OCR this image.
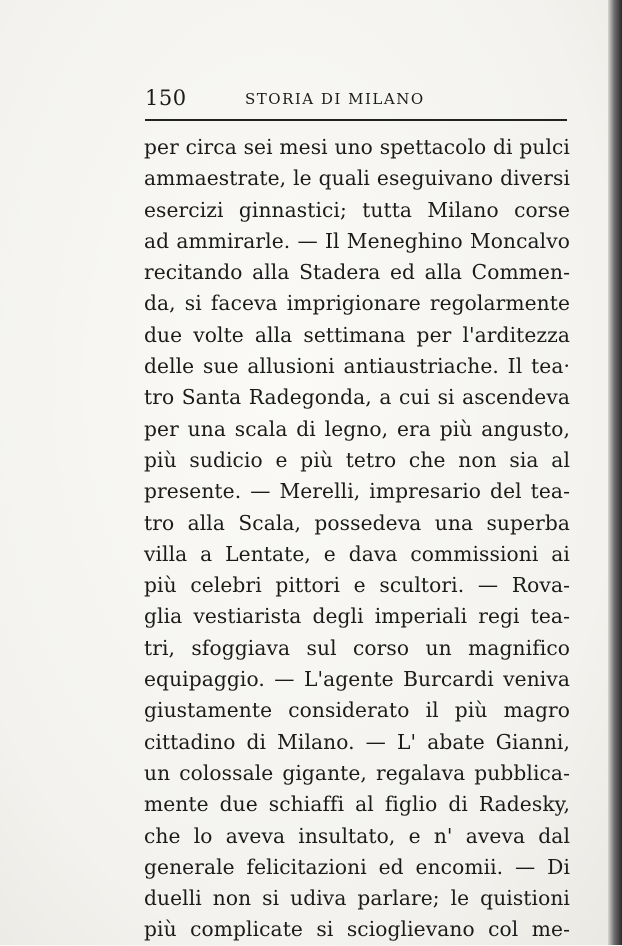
150	STORIA DI MILANO
per circa sei mesi uno spettacolo di pulci
ammaestrate, le quali eseguivano diversi
esercizi ginnastici; tutta Milano corse
ad ammirarle. — Il Meneghino Moncalvo
recitando alla Stadera ed alla Commen-
da, si faceva imprigionare regolarmente
due volte alla settimana per l'arditezza
delle sue allusioni antiaustriache. Il tea·
tro Santa Radegonda, a cui si ascendeva
per una scala di legno, era più angusto,
più sudicio e più tetro che non sia al
presente. — Merelli, impresario del tea-
tro alla Scala, possedeva una superba
villa a Lentate, e dava commissioni ai
più celebri pittori e scultori. — Rova-
glia vestiarista degli imperiali regi tea-
tri, sfoggiava sul corso un magnifico
equipaggio. — L'agente Burcardi veniva
giustamente considerato il più magro
cittadino di Milano. — L' abate Gianni,
un colossale gigante, regalava pubblica-
mente due schiaffi al figlio di Radesky,
che lo aveva insultato, e n' aveva dal
generale felicitazioni ed encomii. — Di
duelli non si udiva parlare; le quistioni
più complicate si scioglievano col me-
